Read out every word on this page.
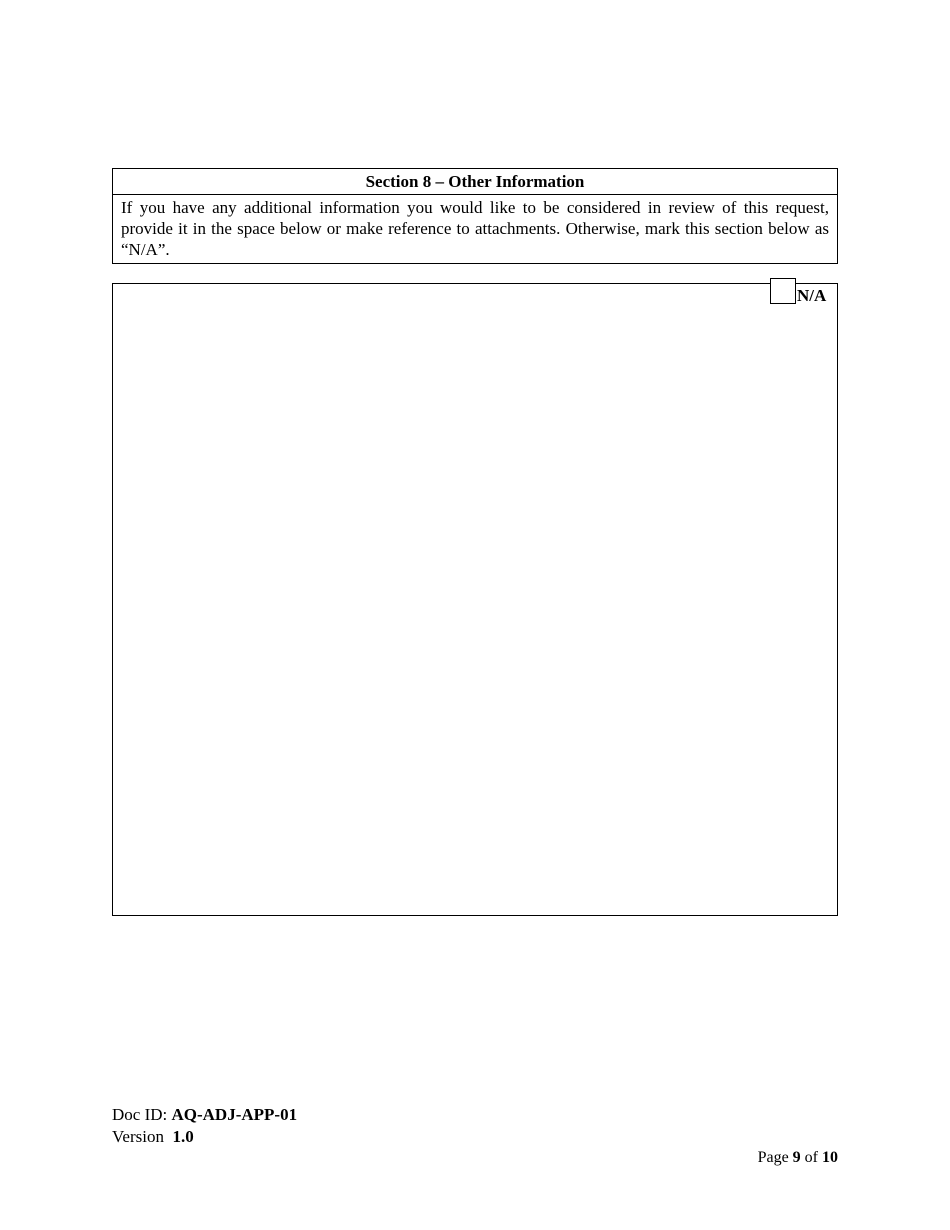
Section 8 – Other Information
If you have any additional information you would like to be considered in review of this request, provide it in the space below or make reference to attachments. Otherwise, mark this section below as “N/A”.
N/A
Doc ID: AQ-ADJ-APP-01
Version 1.0
Page 9 of 10
